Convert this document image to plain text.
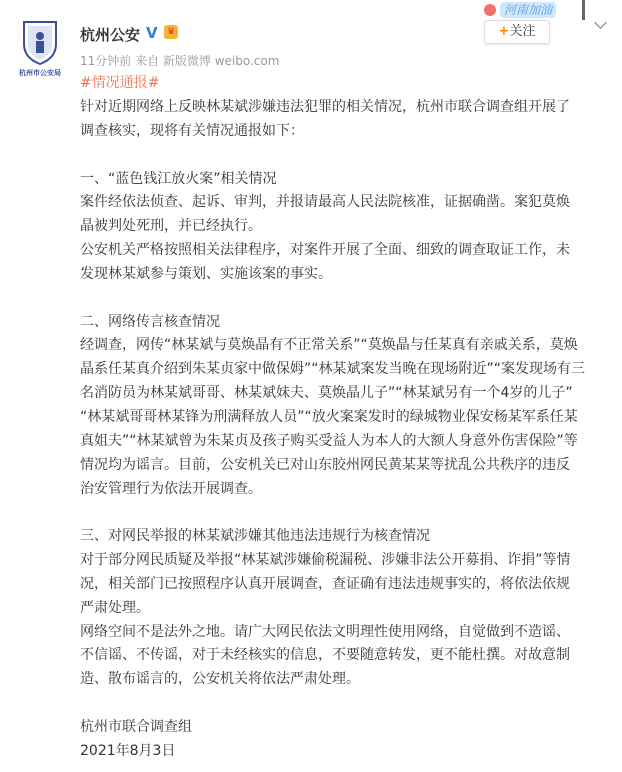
杭州市公安局
杭州公安 V	♛
11分钟前 来自 新版微博 weibo.com
河南加油
+关注
#情况通报#
针对近期网络上反映林某斌涉嫌违法犯罪的相关情况，杭州市联合调查组开展了
调查核实，现将有关情况通报如下：
一、“蓝色钱江放火案”相关情况
案件经依法侦查、起诉、审判，并报请最高人民法院核准，证据确凿。案犯莫焕
晶被判处死刑，并已经执行。
公安机关严格按照相关法律程序，对案件开展了全面、细致的调查取证工作，未
发现林某斌参与策划、实施该案的事实。
二、网络传言核查情况
经调查，网传“林某斌与莫焕晶有不正常关系”“莫焕晶与任某真有亲戚关系，莫焕
晶系任某真介绍到朱某贞家中做保姆”“林某斌案发当晚在现场附近”“案发现场有三
名消防员为林某斌哥哥、林某斌妹夫、莫焕晶儿子”“林某斌另有一个4岁的儿子”
“林某斌哥哥林某锋为刑满释放人员”“放火案案发时的绿城物业保安杨某军系任某
真姐夫”“林某斌曾为朱某贞及孩子购买受益人为本人的大额人身意外伤害保险”等
情况均为谣言。目前，公安机关已对山东胶州网民黄某某等扰乱公共秩序的违反
治安管理行为依法开展调查。
三、对网民举报的林某斌涉嫌其他违法违规行为核查情况
对于部分网民质疑及举报“林某斌涉嫌偷税漏税、涉嫌非法公开募捐、诈捐”等情
况，相关部门已按照程序认真开展调查，查证确有违法违规事实的，将依法依规
严肃处理。
网络空间不是法外之地。请广大网民依法文明理性使用网络，自觉做到不造谣、
不信谣、不传谣，对于未经核实的信息，不要随意转发，更不能杜撰。对故意制
造、散布谣言的，公安机关将依法严肃处理。
杭州市联合调查组
2021年8月3日
